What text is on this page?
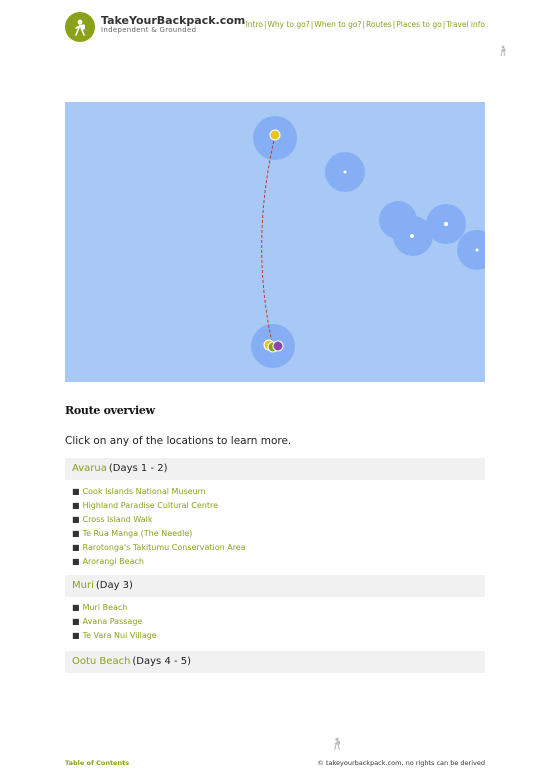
TakeYourBackpack.com
Independent & Grounded
Intro|Why to go?|When to go?|Routes|Places to go|Travel info
Route overview
Click on any of the locations to learn more.
Avarua (Days 1 - 2)
■ Cook Islands National Museum
■ Highland Paradise Cultural Centre
■ Cross Island Walk
■ Te Rua Manga (The Needle)
■ Rarotonga's Takitumu Conservation Area
■ Arorangi Beach
Muri (Day 3)
■ Muri Beach
■ Avana Passage
■ Te Vara Nui Village
Ootu Beach (Days 4 - 5)
Table of Contents	© takeyourbackpack.com, no rights can be derived
